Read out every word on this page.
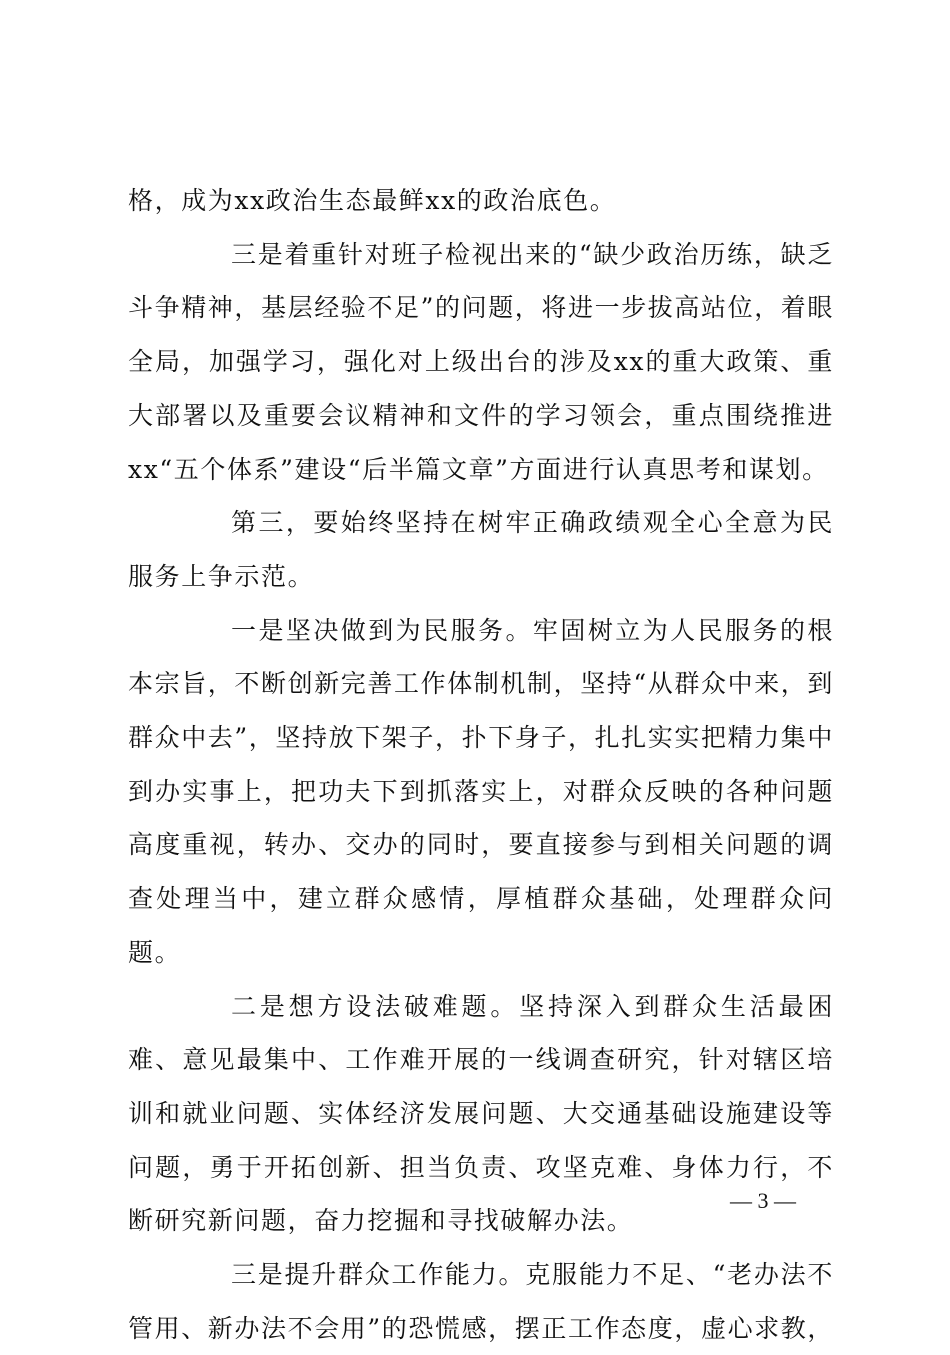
格，成为xx政治生态最鲜xx的政治底色。

三是着重针对班子检视出来的“缺少政治历练，缺乏斗争精神，基层经验不足”的问题，将进一步拔高站位，着眼全局，加强学习，强化对上级出台的涉及xx的重大政策、重大部署以及重要会议精神和文件的学习领会，重点围绕推进xx“五个体系”建设“后半篇文章”方面进行认真思考和谋划。

第三，要始终坚持在树牢正确政绩观全心全意为民服务上争示范。

一是坚决做到为民服务。牢固树立为人民服务的根本宗旨，不断创新完善工作体制机制，坚持“从群众中来，到群众中去”，坚持放下架子，扑下身子，扎扎实实把精力集中到办实事上，把功夫下到抓落实上，对群众反映的各种问题高度重视，转办、交办的同时，要直接参与到相关问题的调查处理当中，建立群众感情，厚植群众基础，处理群众问题。

二是想方设法破难题。坚持深入到群众生活最困难、意见最集中、工作难开展的一线调查研究，针对辖区培训和就业问题、实体经济发展问题、大交通基础设施建设等问题，勇于开拓创新、担当负责、攻坚克难、身体力行，不断研究新问题，奋力挖掘和寻找破解办法。

三是提升群众工作能力。克服能力不足、“老办法不管用、新办法不会用”的恐慌感，摆正工作态度，虚心求教，

— 3 —
